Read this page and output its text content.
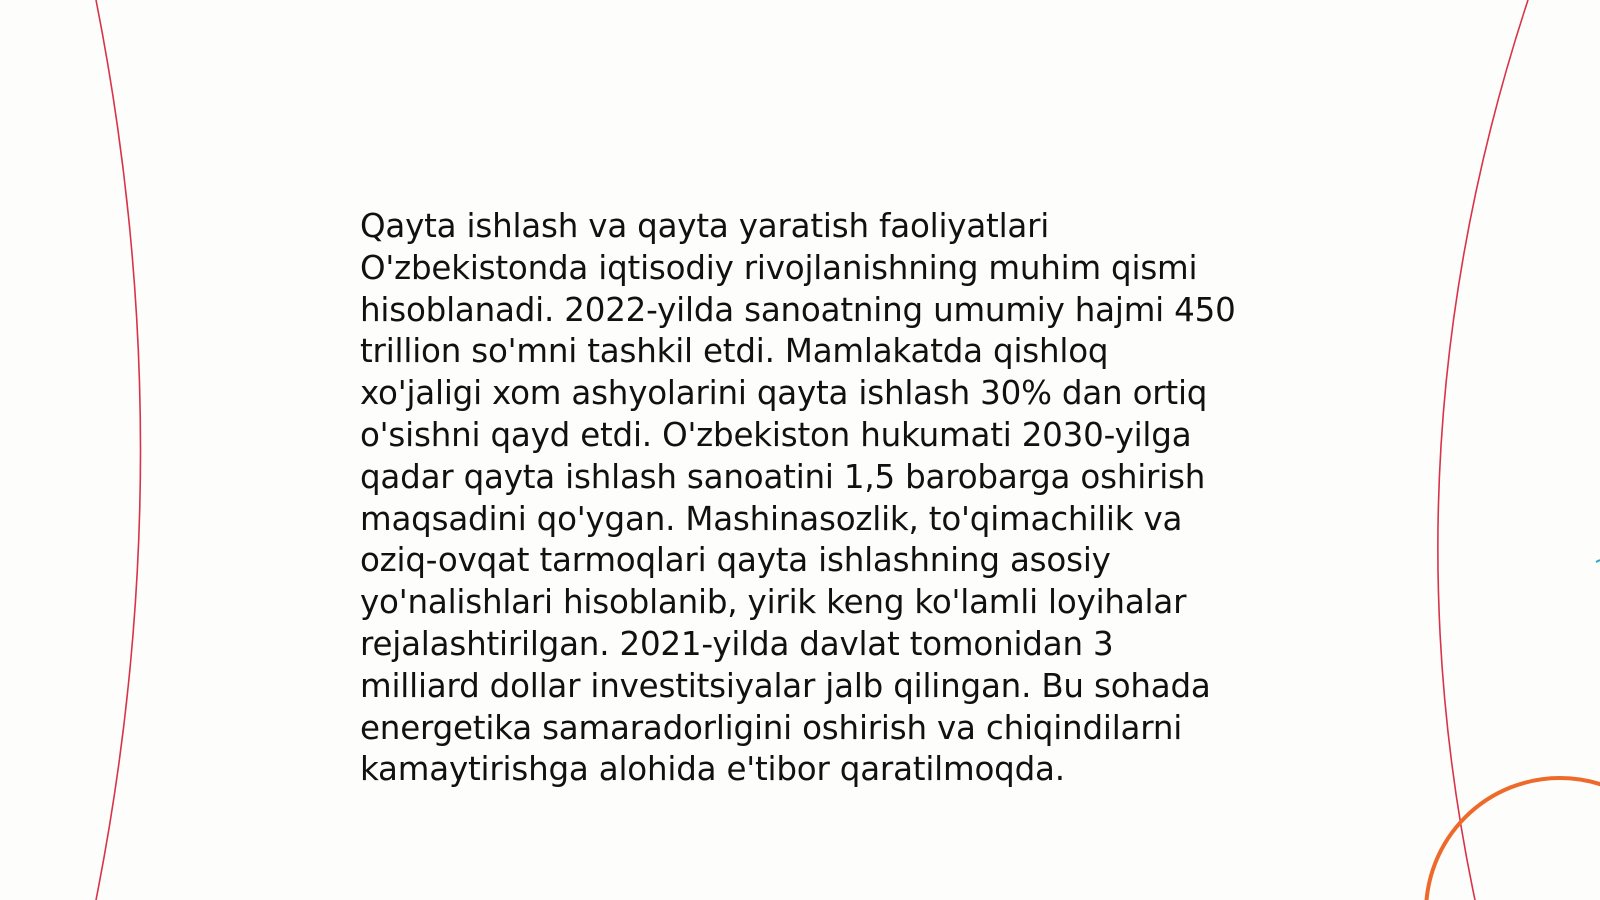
Qayta ishlash va qayta yaratish faoliyatlari
O'zbekistonda iqtisodiy rivojlanishning muhim qismi
hisoblanadi. 2022-yilda sanoatning umumiy hajmi 450
trillion so'mni tashkil etdi. Mamlakatda qishloq
xo'jaligi xom ashyolarini qayta ishlash 30% dan ortiq
o'sishni qayd etdi. O'zbekiston hukumati 2030-yilga
qadar qayta ishlash sanoatini 1,5 barobarga oshirish
maqsadini qo'ygan. Mashinasozlik, to'qimachilik va
oziq-ovqat tarmoqlari qayta ishlashning asosiy
yo'nalishlari hisoblanib, yirik keng ko'lamli loyihalar
rejalashtirilgan. 2021-yilda davlat tomonidan 3
milliard dollar investitsiyalar jalb qilingan. Bu sohada
energetika samaradorligini oshirish va chiqindilarni
kamaytirishga alohida e'tibor qaratilmoqda.
